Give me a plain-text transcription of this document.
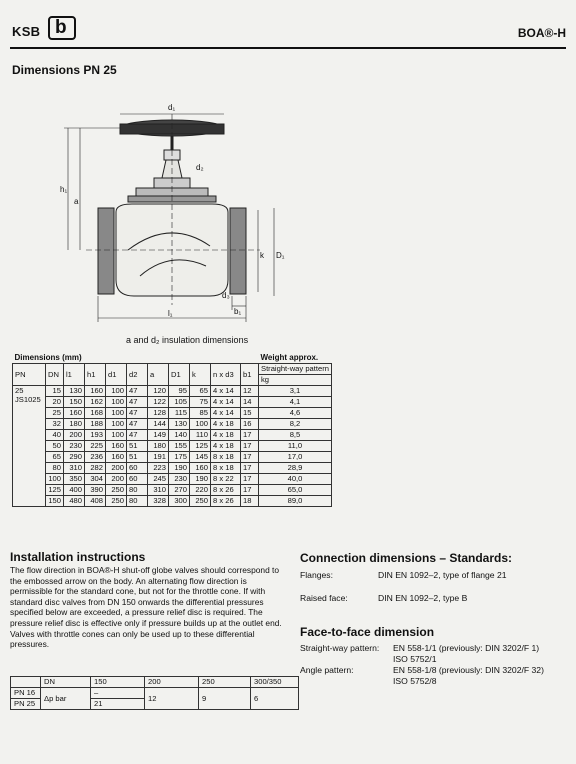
KSB b	BOA®-H
Dimensions PN 25
d₁
d₂
h₁
a
k D₁
d₃
b₁
l₁
a and d₂ insulation dimensions
Dimensions (mm)											Weight approx.
PN	DN	l1	h1	d1	d2	a	D1	k	n x d3	b1	Straight-way pattern
											kg
25
JS1025	15	130	160	100	47	120	95	65	4 x 14	12	3,1
	20	150	162	100	47	122	105	75	4 x 14	14	4,1
	25	160	168	100	47	128	115	85	4 x 14	15	4,6
	32	180	188	100	47	144	130	100	4 x 18	16	8,2
	40	200	193	100	47	149	140	110	4 x 18	17	8,5
	50	230	225	160	51	180	155	125	4 x 18	17	11,0
	65	290	236	160	51	191	175	145	8 x 18	17	17,0
	80	310	282	200	60	223	190	160	8 x 18	17	28,9
	100	350	304	200	60	245	230	190	8 x 22	17	40,0
	125	400	390	250	80	310	270	220	8 x 26	17	65,0
	150	480	408	250	80	328	300	250	8 x 26	18	89,0
Installation instructions

The flow direction in BOA®-H shut-off globe valves should correspond to the embossed arrow on the body. An alternating flow direction is permissible for the standard cone, but not for the throttle cone. If with standard disc valves from DN 150 onwards the differential pressures specified below are exceeded, a pressure relief disc is required. The pressure relief disc is effective only if pressure builds up at the outlet end. Valves with throttle cones can only be used up to these differential pressures.

	DN	150	200	250	300/350
PN 16	Δp bar	–	12	9	6
PN 25		21			
Connection dimensions – Standards:
Flanges:	DIN EN 1092–2, type of flange 21
Raised face:	DIN EN 1092–2, type B
Face-to-face dimension
Straight-way pattern: EN 558-1/1 (previously: DIN 3202/F 1)
ISO 5752/1
Angle pattern:	EN 558-1/8 (previously: DIN 3202/F 32)
ISO 5752/8
